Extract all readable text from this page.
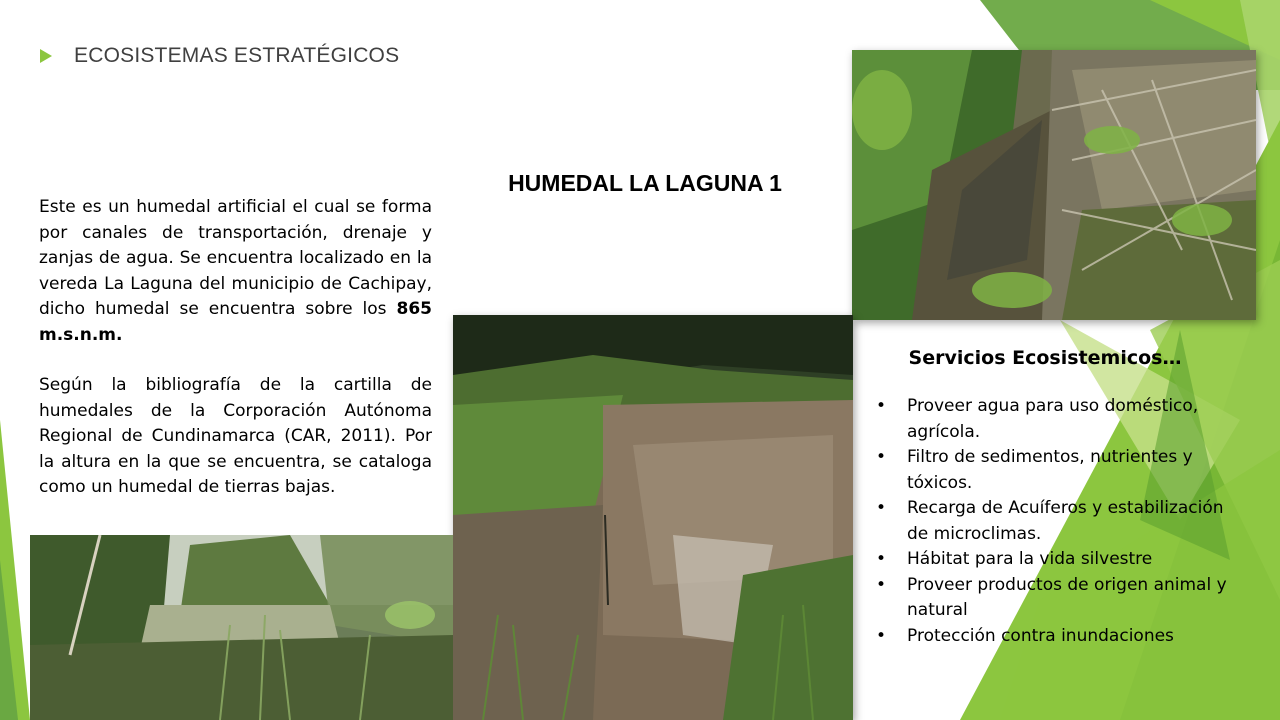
ECOSISTEMAS ESTRATÉGICOS
HUMEDAL LA LAGUNA 1

Este es un humedal artificial el cual se forma por canales de transportación, drenaje y zanjas de agua. Se encuentra localizado en la vereda La Laguna del municipio de Cachipay, dicho humedal se encuentra sobre los 865 m.s.n.m.

Según la bibliografía de la cartilla de humedales de la Corporación Autónoma Regional de Cundinamarca (CAR, 2011). Por la altura en la que se encuentra, se cataloga como un humedal de tierras bajas.

Servicios Ecosistemicos…
• Proveer agua para uso doméstico, agrícola.
• Filtro de sedimentos, nutrientes y tóxicos.
• Recarga de Acuíferos y estabilización de microclimas.
• Hábitat para la vida silvestre
• Proveer productos de origen animal y natural
• Protección contra inundaciones
